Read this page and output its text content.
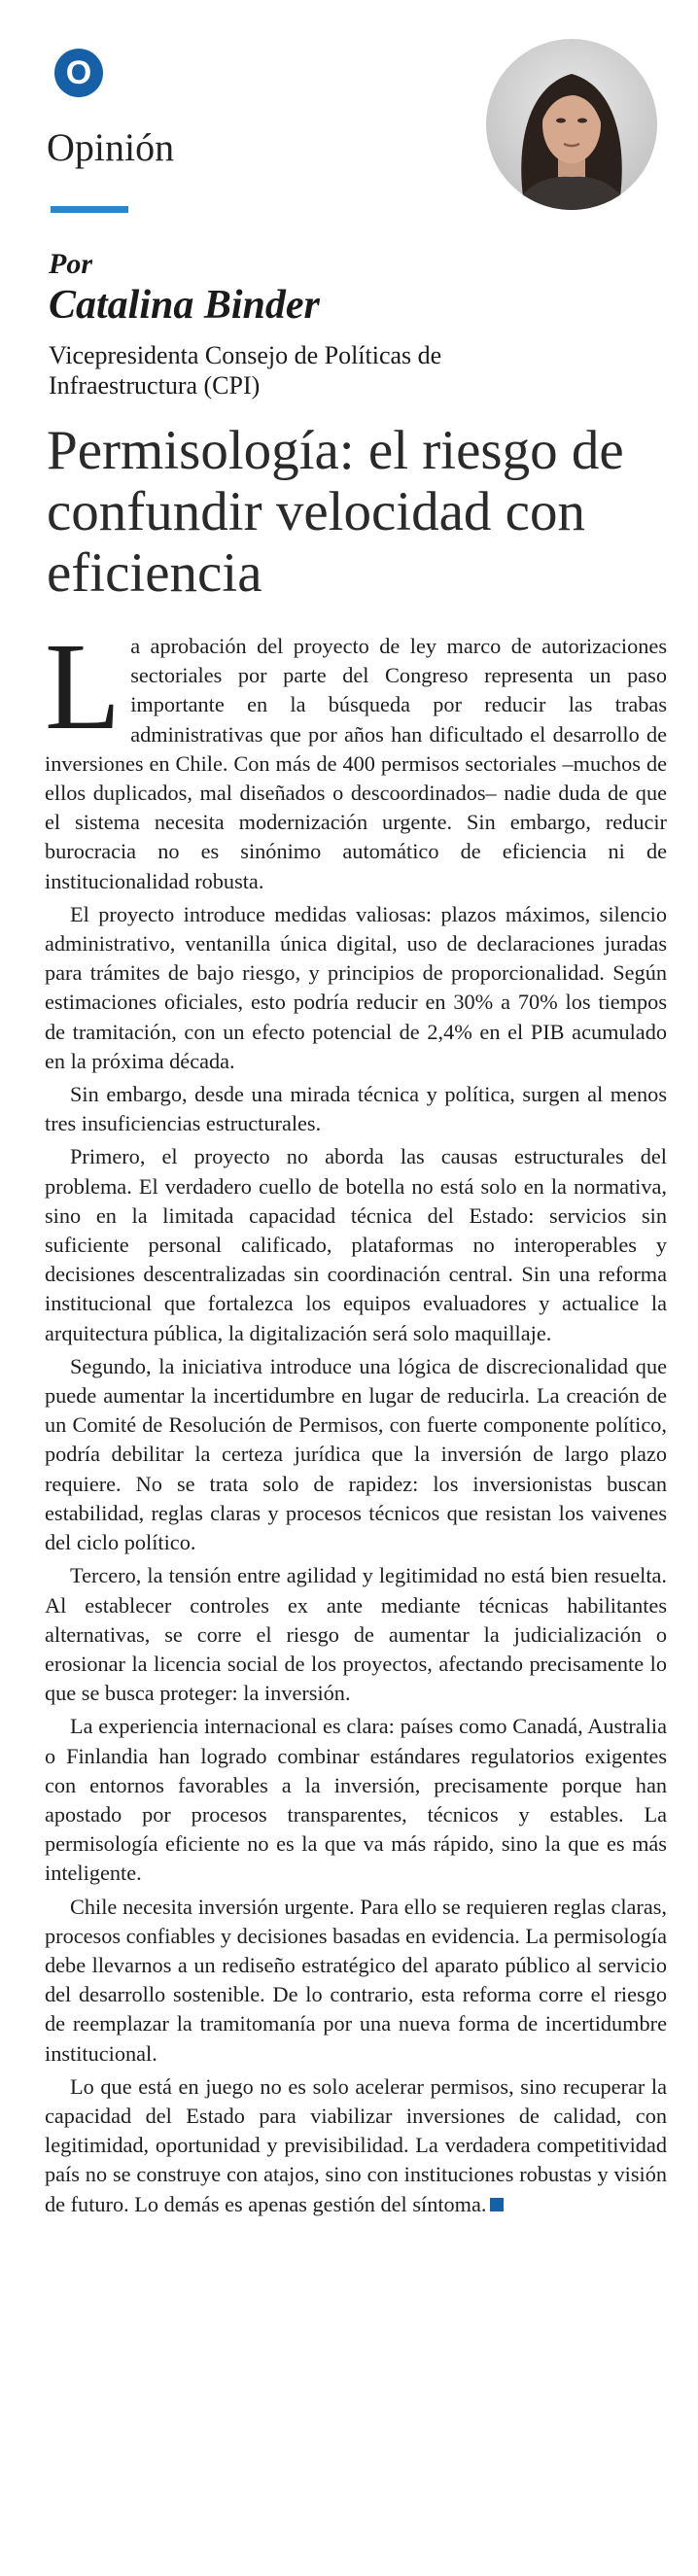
O
Opinión
Por
Catalina Binder
Vicepresidenta Consejo de Políticas de Infraestructura (CPI)
Permisología: el riesgo de confundir velocidad con eficiencia

La aprobación del proyecto de ley marco de autorizaciones sectoriales por parte del Congreso representa un paso importante en la búsqueda por reducir las trabas administrativas que por años han dificultado el desarrollo de inversiones en Chile. Con más de 400 permisos sectoriales –muchos de ellos duplicados, mal diseñados o descoordinados– nadie duda de que el sistema necesita modernización urgente. Sin embargo, reducir burocracia no es sinónimo automático de eficiencia ni de institucionalidad robusta.

El proyecto introduce medidas valiosas: plazos máximos, silencio administrativo, ventanilla única digital, uso de declaraciones juradas para trámites de bajo riesgo, y principios de proporcionalidad. Según estimaciones oficiales, esto podría reducir en 30% a 70% los tiempos de tramitación, con un efecto potencial de 2,4% en el PIB acumulado en la próxima década.

Sin embargo, desde una mirada técnica y política, surgen al menos tres insuficiencias estructurales.

Primero, el proyecto no aborda las causas estructurales del problema. El verdadero cuello de botella no está solo en la normativa, sino en la limitada capacidad técnica del Estado: servicios sin suficiente personal calificado, plataformas no interoperables y decisiones descentralizadas sin coordinación central. Sin una reforma institucional que fortalezca los equipos evaluadores y actualice la arquitectura pública, la digitalización será solo maquillaje.

Segundo, la iniciativa introduce una lógica de discrecionalidad que puede aumentar la incertidumbre en lugar de reducirla. La creación de un Comité de Resolución de Permisos, con fuerte componente político, podría debilitar la certeza jurídica que la inversión de largo plazo requiere. No se trata solo de rapidez: los inversionistas buscan estabilidad, reglas claras y procesos técnicos que resistan los vaivenes del ciclo político.

Tercero, la tensión entre agilidad y legitimidad no está bien resuelta. Al establecer controles ex ante mediante técnicas habilitantes alternativas, se corre el riesgo de aumentar la judicialización o erosionar la licencia social de los proyectos, afectando precisamente lo que se busca proteger: la inversión.

La experiencia internacional es clara: países como Canadá, Australia o Finlandia han logrado combinar estándares regulatorios exigentes con entornos favorables a la inversión, precisamente porque han apostado por procesos transparentes, técnicos y estables. La permisología eficiente no es la que va más rápido, sino la que es más inteligente.

Chile necesita inversión urgente. Para ello se requieren reglas claras, procesos confiables y decisiones basadas en evidencia. La permisología debe llevarnos a un rediseño estratégico del aparato público al servicio del desarrollo sostenible. De lo contrario, esta reforma corre el riesgo de reemplazar la tramitomanía por una nueva forma de incertidumbre institucional.

Lo que está en juego no es solo acelerar permisos, sino recuperar la capacidad del Estado para viabilizar inversiones de calidad, con legitimidad, oportunidad y previsibilidad. La verdadera competitividad país no se construye con atajos, sino con instituciones robustas y visión de futuro. Lo demás es apenas gestión del síntoma.
